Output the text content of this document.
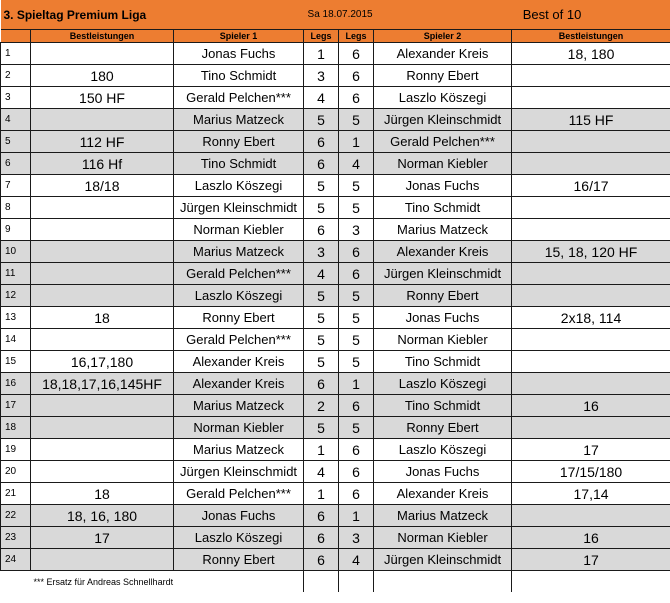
3. Spieltag Premium Liga			Sa 18.07.2015		Best of 10	
	Bestleistungen	Spieler 1	Legs	Legs	Spieler 2	Bestleistungen
1		Jonas Fuchs	1	6	Alexander Kreis	18, 180
2	180	Tino Schmidt	3	6	Ronny Ebert	
3	150 HF	Gerald Pelchen***	4	6	Laszlo Köszegi	
4		Marius Matzeck	5	5	Jürgen Kleinschmidt	115 HF
5	112 HF	Ronny Ebert	6	1	Gerald Pelchen***	
6	116 Hf	Tino Schmidt	6	4	Norman Kiebler	
7	18/18	Laszlo Köszegi	5	5	Jonas Fuchs	16/17
8		Jürgen Kleinschmidt	5	5	Tino Schmidt	
9		Norman Kiebler	6	3	Marius Matzeck	
10		Marius Matzeck	3	6	Alexander Kreis	15, 18, 120 HF
11		Gerald Pelchen***	4	6	Jürgen Kleinschmidt	
12		Laszlo Köszegi	5	5	Ronny Ebert	
13	18	Ronny Ebert	5	5	Jonas Fuchs	2x18, 114
14		Gerald Pelchen***	5	5	Norman Kiebler	
15	16,17,180	Alexander Kreis	5	5	Tino Schmidt	
16	18,18,17,16,145HF	Alexander Kreis	6	1	Laszlo Köszegi	
17		Marius Matzeck	2	6	Tino Schmidt	16
18		Norman Kiebler	5	5	Ronny Ebert	
19		Marius Matzeck	1	6	Laszlo Köszegi	17
20		Jürgen Kleinschmidt	4	6	Jonas Fuchs	17/15/180
21	18	Gerald Pelchen***	1	6	Alexander Kreis	17,14
22	18, 16, 180	Jonas Fuchs	6	1	Marius Matzeck	
23	17	Laszlo Köszegi	6	3	Norman Kiebler	16
24		Ronny Ebert	6	4	Jürgen Kleinschmidt	17
*** Ersatz für Andreas Schnellhardt						
